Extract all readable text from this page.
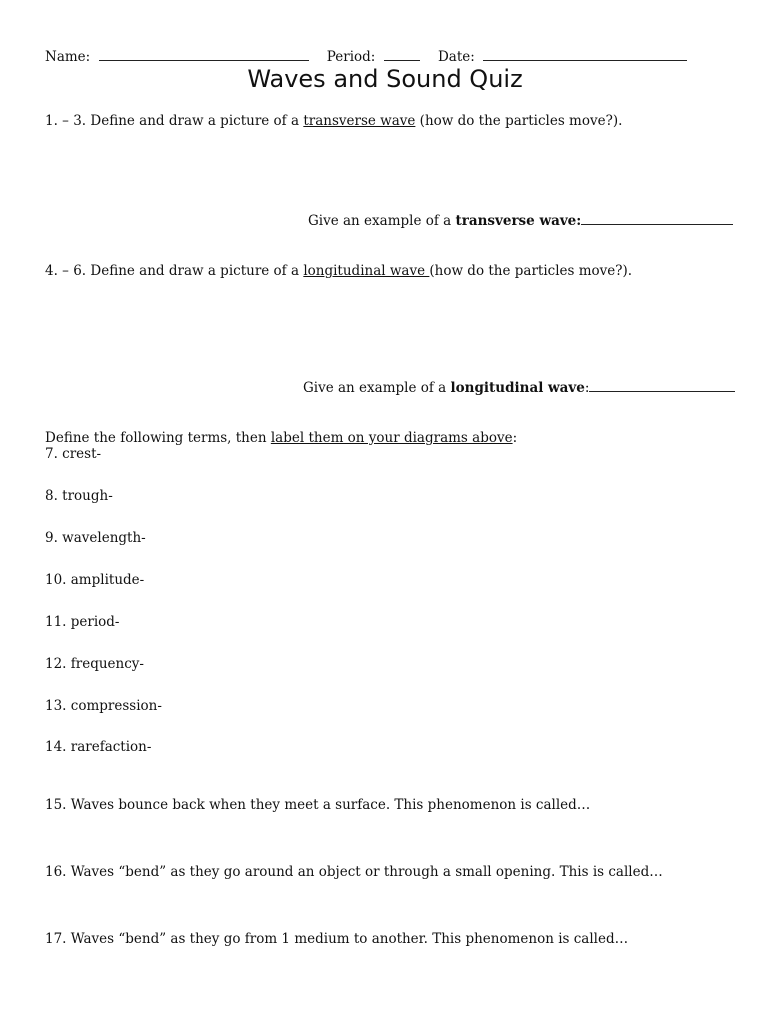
Name:	Period:	Date:
Waves and Sound Quiz
1. – 3. Define and draw a picture of a transverse wave (how do the particles move?).
Give an example of a transverse wave:
4. – 6. Define and draw a picture of a longitudinal wave (how do the particles move?).
Give an example of a longitudinal wave:
Define the following terms, then label them on your diagrams above:
7. crest-
8. trough-
9. wavelength-
10. amplitude-
11. period-
12. frequency-
13. compression-
14. rarefaction-
15. Waves bounce back when they meet a surface. This phenomenon is called…
16. Waves “bend” as they go around an object or through a small opening. This is called…
17. Waves “bend” as they go from 1 medium to another. This phenomenon is called…
